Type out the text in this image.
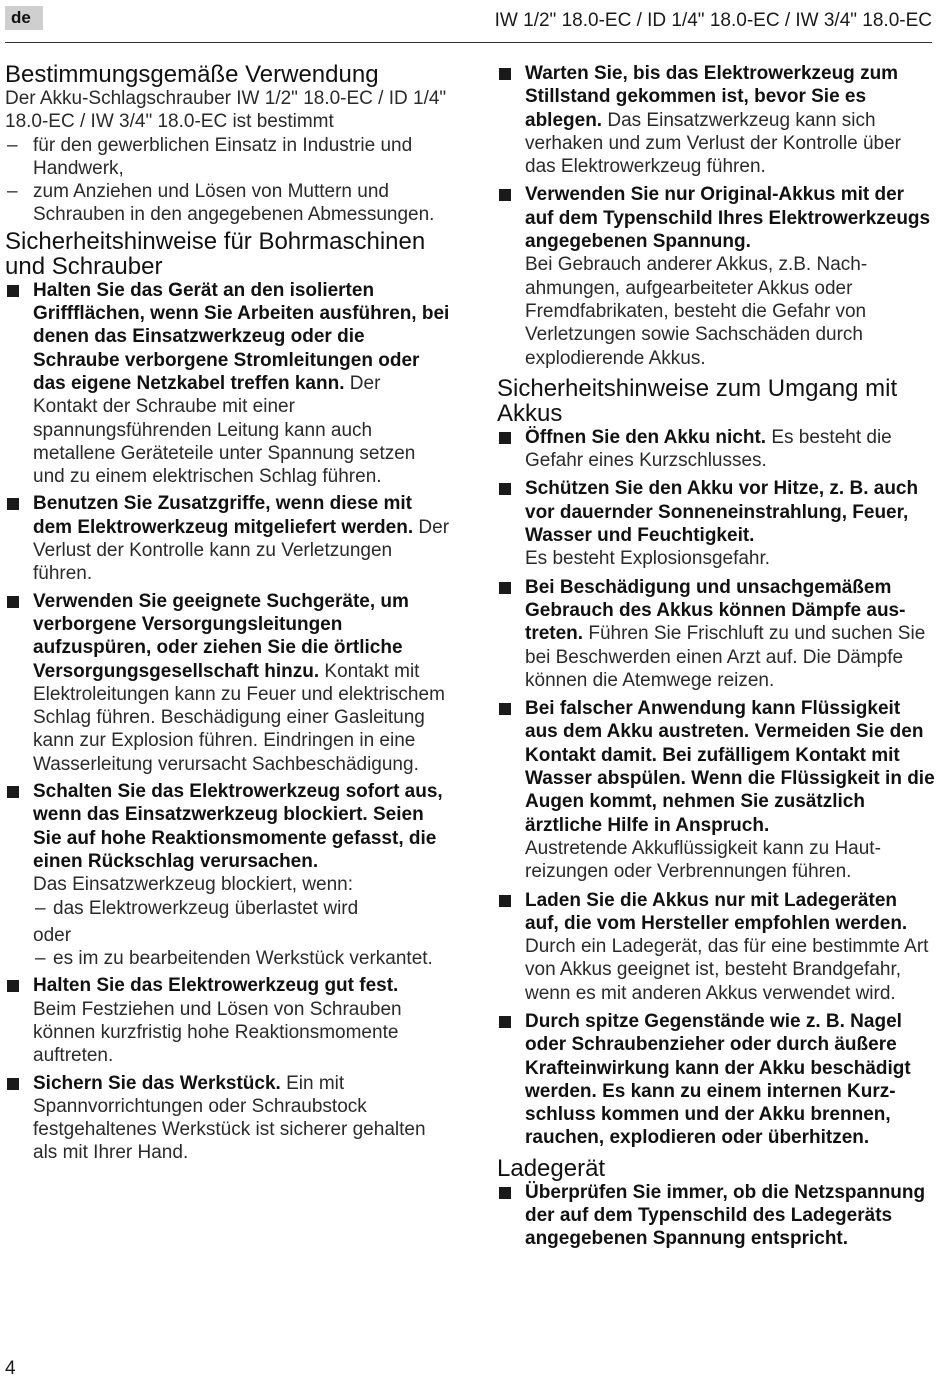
de	IW 1/2" 18.0-EC / ID 1/4" 18.0-EC / IW 3/4" 18.0-EC
Bestimmungsgemäße Verwendung

Der Akku-Schlagschrauber IW 1/2" 18.0-EC / ID 1/4" 18.0-EC / IW 3/4" 18.0-EC ist bestimmt

– für den gewerblichen Einsatz in Industrie und Handwerk,
– zum Anziehen und Lösen von Muttern und Schrauben in den angegebenen Abmessungen.
Sicherheitshinweise für Bohrmaschinen und Schrauber
Halten Sie das Gerät an den isolierten Griffflächen, wenn Sie Arbeiten ausführen, bei denen das Einsatzwerkzeug oder die Schraube verborgene Stromleitungen oder das eigene Netzkabel treffen kann. Der Kontakt der Schraube mit einer spannungsführenden Leitung kann auch metallene Geräteteile unter Spannung setzen und zu einem elektrischen Schlag führen.
Benutzen Sie Zusatzgriffe, wenn diese mit dem Elektrowerkzeug mitgeliefert werden. Der Verlust der Kontrolle kann zu Verletzungen führen.
Verwenden Sie geeignete Suchgeräte, um verborgene Versorgungsleitungen aufzuspüren, oder ziehen Sie die örtliche Versorgungsgesellschaft hinzu. Kontakt mit Elektroleitungen kann zu Feuer und elektrischem Schlag führen. Beschädigung einer Gasleitung kann zur Explosion führen. Eindringen in eine Wasserleitung verursacht Sachbeschädigung.
Schalten Sie das Elektrowerkzeug sofort aus, wenn das Einsatzwerkzeug blockiert. Seien Sie auf hohe Reaktionsmomente gefasst, die einen Rückschlag verursachen.
Das Einsatzwerkzeug blockiert, wenn:
– das Elektrowerkzeug überlastet wird
oder
– es im zu bearbeitenden Werkstück verkantet.
Halten Sie das Elektrowerkzeug gut fest.
Beim Festziehen und Lösen von Schrauben können kurzfristig hohe Reaktionsmomente auftreten.
Sichern Sie das Werkstück. Ein mit Spannvorrichtungen oder Schraubstock festgehaltenes Werkstück ist sicherer gehalten als mit Ihrer Hand.
Warten Sie, bis das Elektrowerkzeug zum Stillstand gekommen ist, bevor Sie es ablegen. Das Einsatzwerkzeug kann sich verhaken und zum Verlust der Kontrolle über das Elektrowerkzeug führen.
Verwenden Sie nur Original-Akkus mit der auf dem Typenschild Ihres Elektrowerkzeugs angegebenen Spannung.
Bei Gebrauch anderer Akkus, z.B. Nachahmungen, aufgearbeiteter Akkus oder Fremdfabrikaten, besteht die Gefahr von Verletzungen sowie Sachschäden durch explodierende Akkus.
Sicherheitshinweise zum Umgang mit Akkus
Öffnen Sie den Akku nicht. Es besteht die Gefahr eines Kurzschlusses.
Schützen Sie den Akku vor Hitze, z. B. auch vor dauernder Sonneneinstrahlung, Feuer, Wasser und Feuchtigkeit.
Es besteht Explosionsgefahr.
Bei Beschädigung und unsachgemäßem Gebrauch des Akkus können Dämpfe austreten. Führen Sie Frischluft zu und suchen Sie bei Beschwerden einen Arzt auf. Die Dämpfe können die Atemwege reizen.
Bei falscher Anwendung kann Flüssigkeit aus dem Akku austreten. Vermeiden Sie den Kontakt damit. Bei zufälligem Kontakt mit Wasser abspülen. Wenn die Flüssigkeit in die Augen kommt, nehmen Sie zusätzlich ärztliche Hilfe in Anspruch.
Austretende Akkuflüssigkeit kann zu Hautreizungen oder Verbrennungen führen.
Laden Sie die Akkus nur mit Ladegeräten auf, die vom Hersteller empfohlen werden.
Durch ein Ladegerät, das für eine bestimmte Art von Akkus geeignet ist, besteht Brandgefahr, wenn es mit anderen Akkus verwendet wird.
Durch spitze Gegenstände wie z. B. Nagel oder Schraubenzieher oder durch äußere Krafteinwirkung kann der Akku beschädigt werden. Es kann zu einem internen Kurzschluss kommen und der Akku brennen, rauchen, explodieren oder überhitzen.
Ladegerät
Überprüfen Sie immer, ob die Netzspannung der auf dem Typenschild des Ladegeräts angegebenen Spannung entspricht.
4
